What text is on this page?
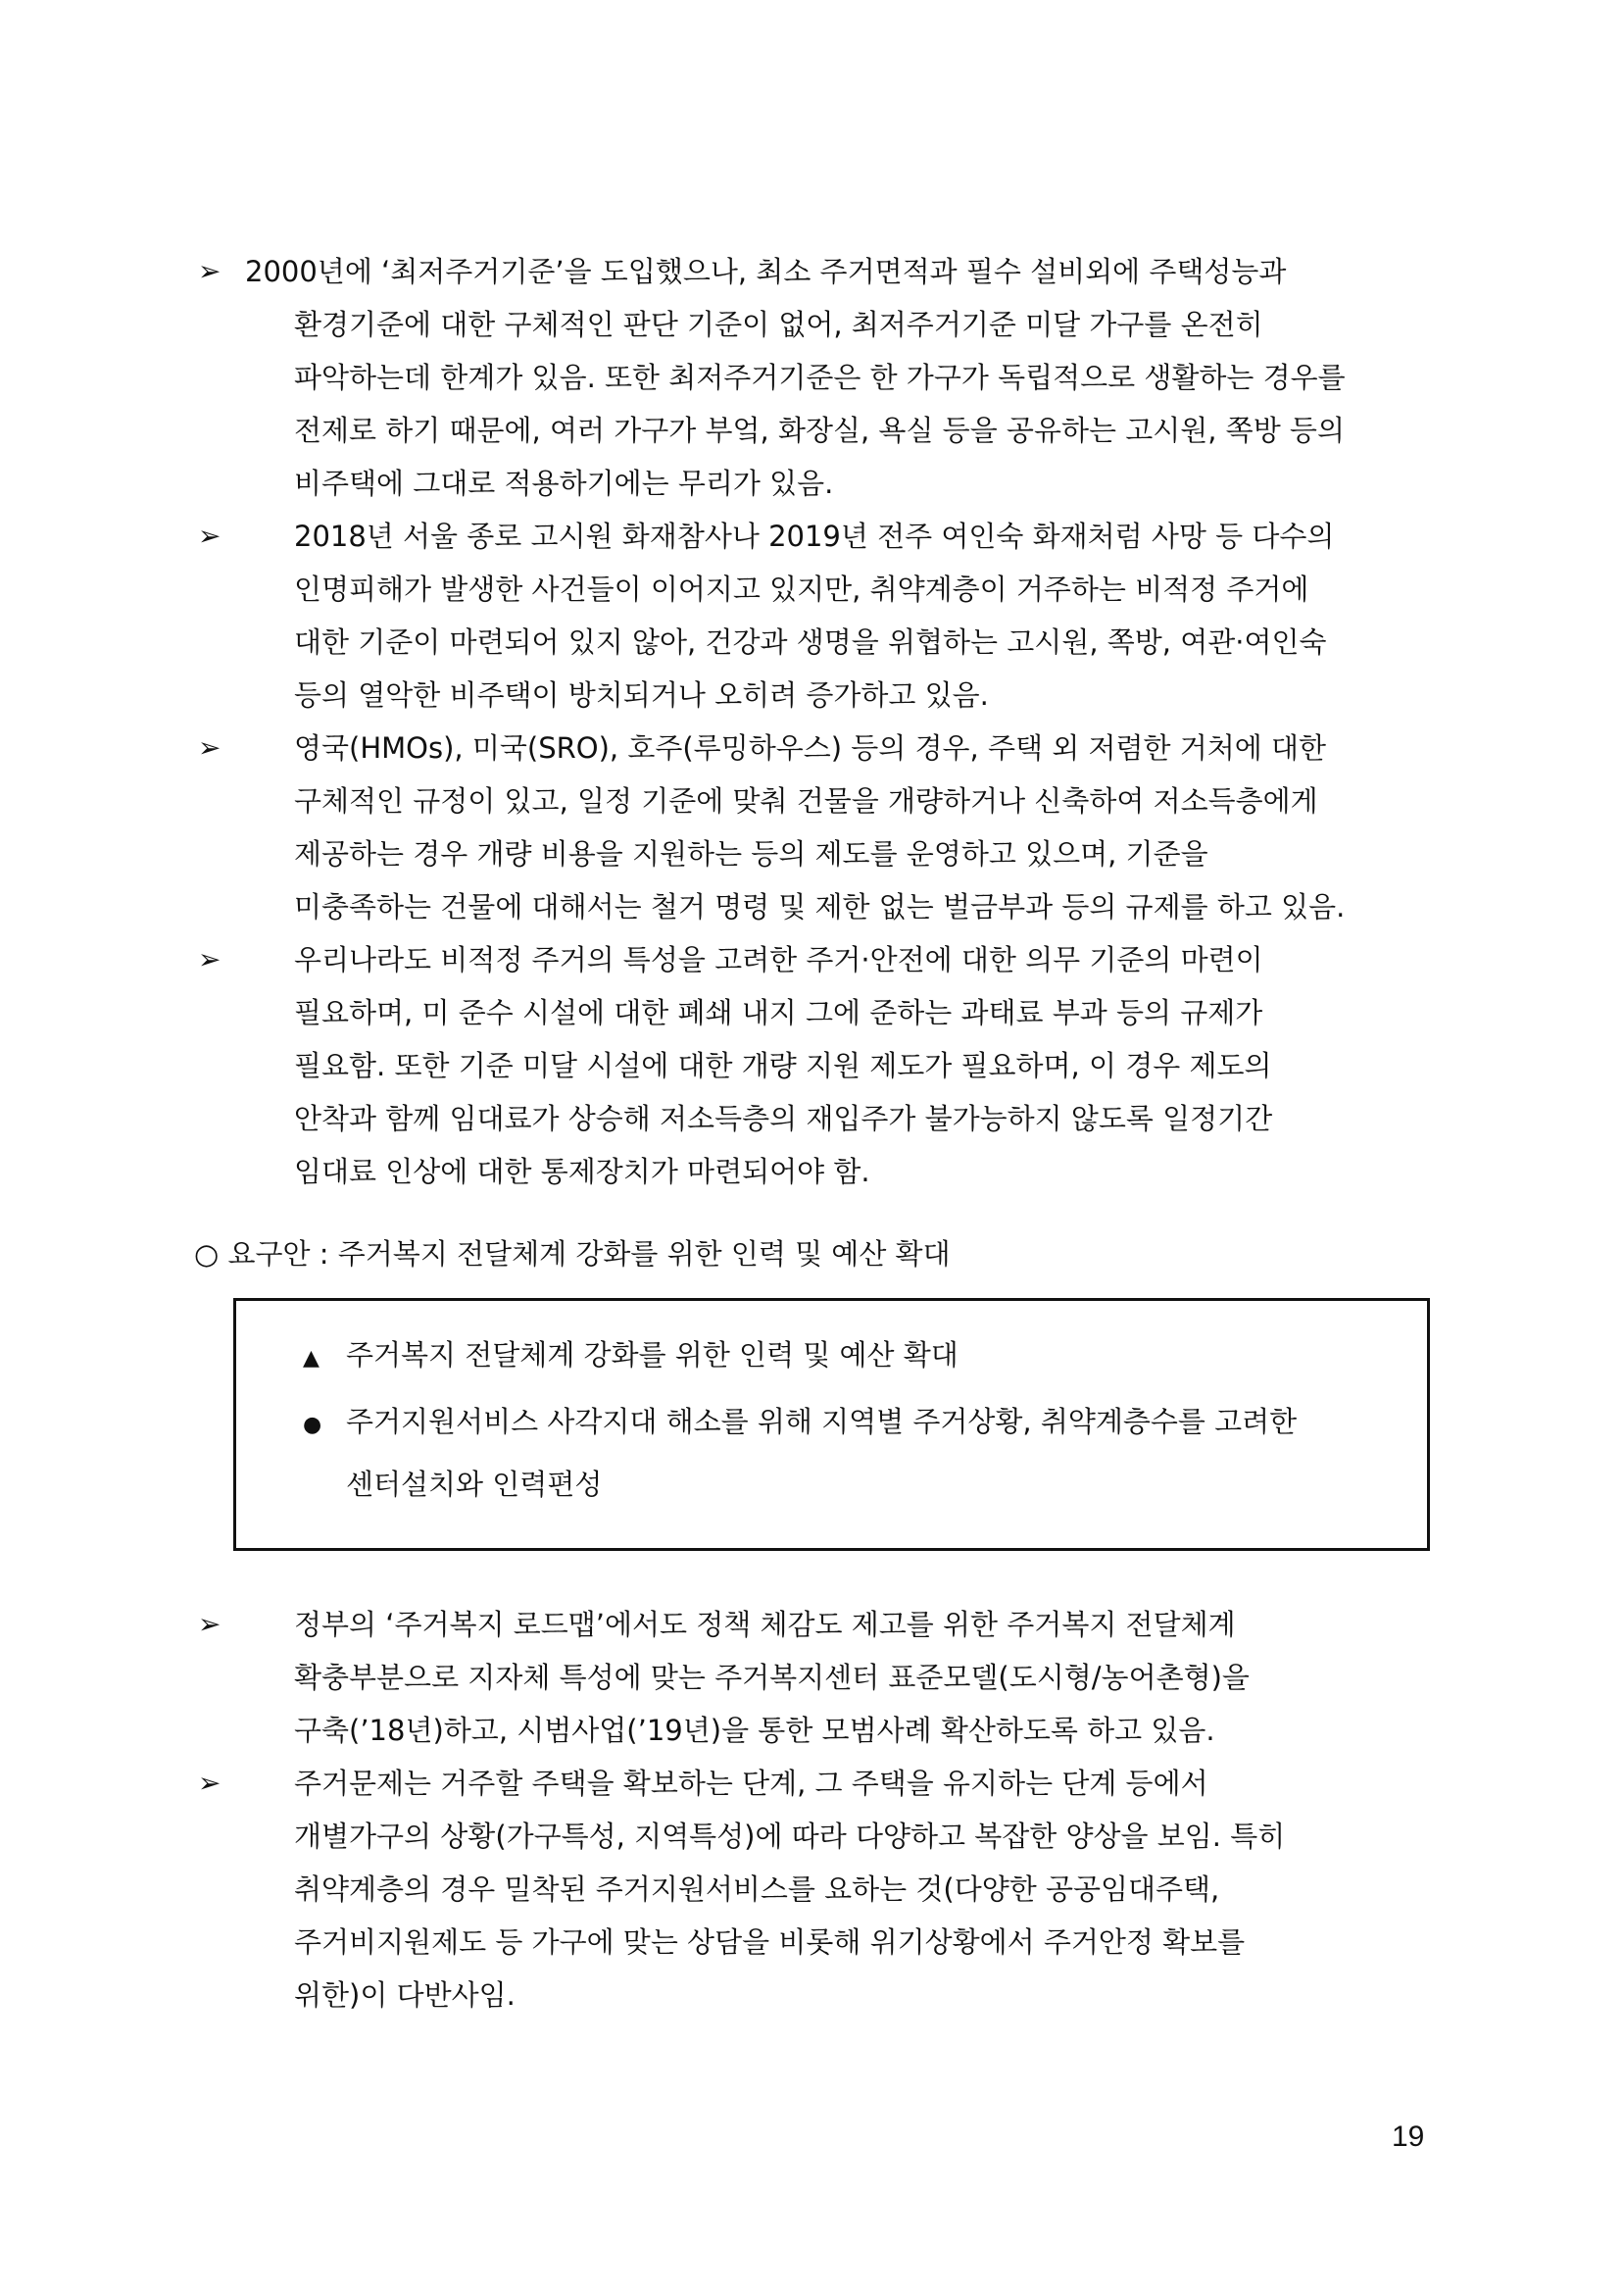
➢ 2000년에 ‘최저주거기준’을 도입했으나, 최소 주거면적과 필수 설비외에 주택성능과
환경기준에 대한 구체적인 판단 기준이 없어, 최저주거기준 미달 가구를 온전히
파악하는데 한계가 있음. 또한 최저주거기준은 한 가구가 독립적으로 생활하는 경우를
전제로 하기 때문에, 여러 가구가 부엌, 화장실, 욕실 등을 공유하는 고시원, 쪽방 등의
비주택에 그대로 적용하기에는 무리가 있음.
➢	2018년 서울 종로 고시원 화재참사나 2019년 전주 여인숙 화재처럼 사망 등 다수의
인명피해가 발생한 사건들이 이어지고 있지만, 취약계층이 거주하는 비적정 주거에
대한 기준이 마련되어 있지 않아, 건강과 생명을 위협하는 고시원, 쪽방, 여관·여인숙
등의 열악한 비주택이 방치되거나 오히려 증가하고 있음.
➢	영국(HMOs), 미국(SRO), 호주(루밍하우스) 등의 경우, 주택 외 저렴한 거처에 대한
구체적인 규정이 있고, 일정 기준에 맞춰 건물을 개량하거나 신축하여 저소득층에게
제공하는 경우 개량 비용을 지원하는 등의 제도를 운영하고 있으며, 기준을
미충족하는 건물에 대해서는 철거 명령 및 제한 없는 벌금부과 등의 규제를 하고 있음.
➢	우리나라도 비적정 주거의 특성을 고려한 주거·안전에 대한 의무 기준의 마련이
필요하며, 미 준수 시설에 대한 폐쇄 내지 그에 준하는 과태료 부과 등의 규제가
필요함. 또한 기준 미달 시설에 대한 개량 지원 제도가 필요하며, 이 경우 제도의
안착과 함께 임대료가 상승해 저소득층의 재입주가 불가능하지 않도록 일정기간
임대료 인상에 대한 통제장치가 마련되어야 함.
○ 요구안 : 주거복지 전달체계 강화를 위한 인력 및 예산 확대
▲ 주거복지 전달체계 강화를 위한 인력 및 예산 확대
● 주거지원서비스 사각지대 해소를 위해 지역별 주거상황, 취약계층수를 고려한
센터설치와 인력편성
➢	정부의 ‘주거복지 로드맵’에서도 정책 체감도 제고를 위한 주거복지 전달체계
확충부분으로 지자체 특성에 맞는 주거복지센터 표준모델(도시형/농어촌형)을
구축(’18년)하고, 시범사업(’19년)을 통한 모범사례 확산하도록 하고 있음.
➢	주거문제는 거주할 주택을 확보하는 단계, 그 주택을 유지하는 단계 등에서
개별가구의 상황(가구특성, 지역특성)에 따라 다양하고 복잡한 양상을 보임. 특히
취약계층의 경우 밀착된 주거지원서비스를 요하는 것(다양한 공공임대주택,
주거비지원제도 등 가구에 맞는 상담을 비롯해 위기상황에서 주거안정 확보를
위한)이 다반사임.
19
